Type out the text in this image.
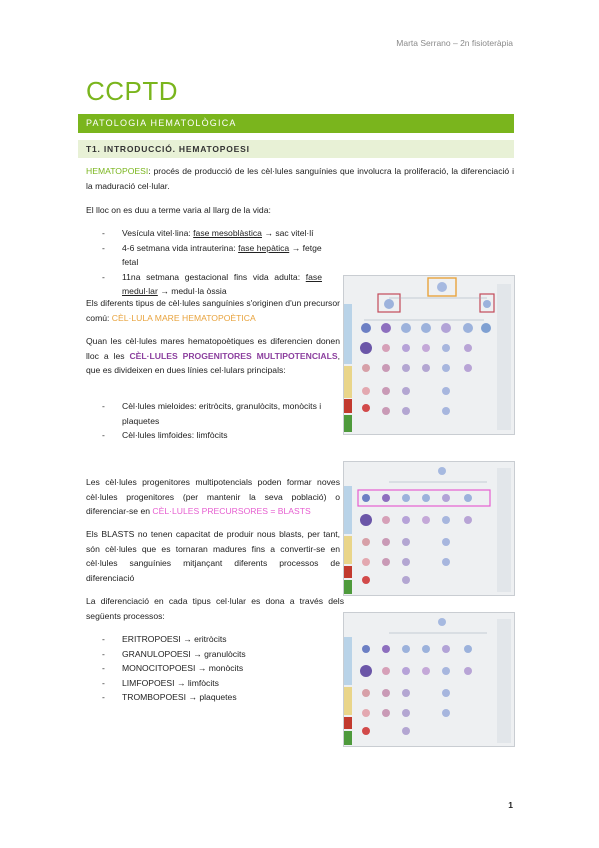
Marta Serrano – 2n fisioteràpia
CCPTD
PATOLOGIA HEMATOLÒGICA
T1. INTRODUCCIÓ. HEMATOPOESI
HEMATOPOESI: procés de producció de les cèl·lules sanguínies que involucra la proliferació, la diferenciació i la maduració cel·lular.
El lloc on es duu a terme varia al llarg de la vida:
- Vesícula vitel·lina: fase mesoblàstica → sac vitel·lí
- 4-6 setmana vida intrauterina: fase hepàtica → fetge fetal
- 11na setmana gestacional fins vida adulta: fase medul·lar → medul·la òssia
Els diferents tipus de cèl·lules sanguínies s'originen d'un precursor comú: CÈL·LULA MARE HEMATOPOÈTICA
Quan les cèl·lules mares hematopoètiques es diferencien donen lloc a les CÈL·LULES PROGENITORES MULTIPOTENCIALS, que es divideixen en dues línies cel·lulars principals:
- Cèl·lules mieloides: eritròcits, granulòcits, monòcits i plaquetes
- Cèl·lules limfoides: limfòcits
Les cèl·lules progenitores multipotencials poden formar noves cèl·lules progenitores (per mantenir la seva població) o diferenciar-se en CÈL·LULES PRECURSORES = BLASTS
Els BLASTS no tenen capacitat de produir nous blasts, per tant, són cèl·lules que es tornaran madures fins a convertir-se en cèl·lules sanguínies mitjançant diferents processos de diferenciació
La diferenciació en cada tipus cel·lular es dona a través dels següents processos:
- ERITROPOESI → eritròcits
- GRANULOPOESI → granulòcits
- MONOCITOPOESI → monòcits
- LIMFOPOESI → limfòcits
- TROMBOPOESI → plaquetes
1
